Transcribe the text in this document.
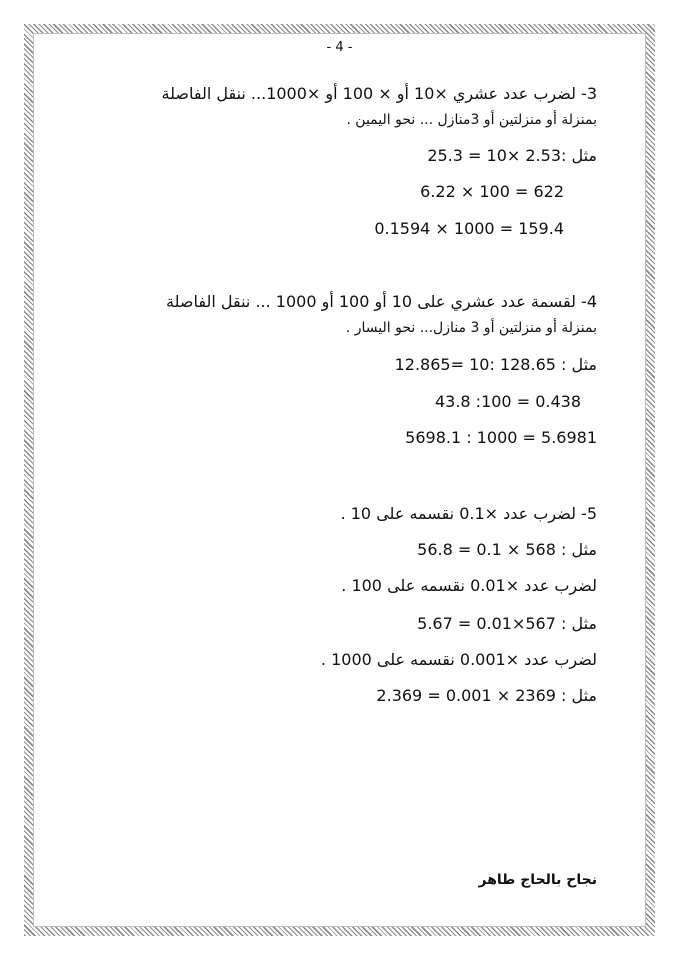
- 4 -
3- لضرب عدد عشري ×10 أو × 100 أو ×1000... ننقل الفاصلة
بمنزلة أو منزلتين أو 3منازل ... نحو اليمين .
مثل :2.53 ×10 = 25.3
6.22 × 100 = 622
0.1594 × 1000 = 159.4
4- لقسمة عدد عشري على 10 أو 100 أو 1000 ... ننقل الفاصلة
بمنزلة أو منزلتين أو 3 منازل... نحو اليسار .
مثل : 128.65 :10 =12.865
43.8 :100 = 0.438
5698.1 : 1000 = 5.6981
5- لضرب عدد ×0.1 نقسمه على 10 .
مثل : 568 × 0.1 = 56.8
لضرب عدد ×0.01 نقسمه على 100 .
مثل : 567×0.01 = 5.67
لضرب عدد ×0.001 نقسمه على 1000 .
مثل : 2369 × 0.001 = 2.369
نجاح بالحاج طاهر
